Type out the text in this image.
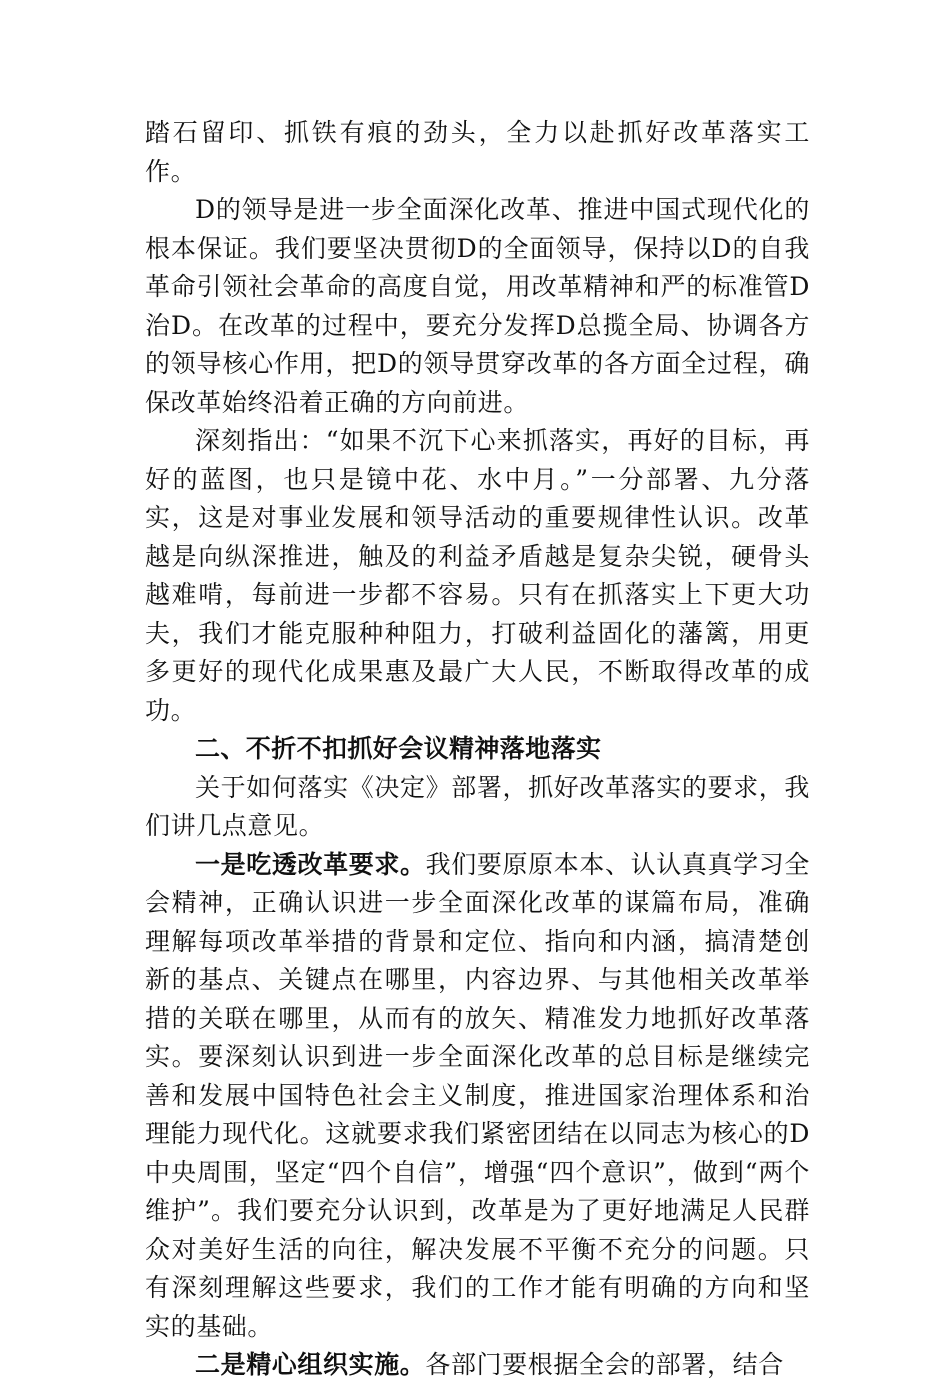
踏石留印、抓铁有痕的劲头，全力以赴抓好改革落实工作。

D的领导是进一步全面深化改革、推进中国式现代化的根本保证。我们要坚决贯彻D的全面领导，保持以D的自我革命引领社会革命的高度自觉，用改革精神和严的标准管D治D。在改革的过程中，要充分发挥D总揽全局、协调各方的领导核心作用，把D的领导贯穿改革的各方面全过程，确保改革始终沿着正确的方向前进。

深刻指出：“如果不沉下心来抓落实，再好的目标，再好的蓝图，也只是镜中花、水中月。”一分部署、九分落实，这是对事业发展和领导活动的重要规律性认识。改革越是向纵深推进，触及的利益矛盾越是复杂尖锐，硬骨头越难啃，每前进一步都不容易。只有在抓落实上下更大功夫，我们才能克服种种阻力，打破利益固化的藩篱，用更多更好的现代化成果惠及最广大人民，不断取得改革的成功。

二、不折不扣抓好会议精神落地落实

关于如何落实《决定》部署，抓好改革落实的要求，我们讲几点意见。

一是吃透改革要求。我们要原原本本、认认真真学习全会精神，正确认识进一步全面深化改革的谋篇布局，准确理解每项改革举措的背景和定位、指向和内涵，搞清楚创新的基点、关键点在哪里，内容边界、与其他相关改革举措的关联在哪里，从而有的放矢、精准发力地抓好改革落实。要深刻认识到进一步全面深化改革的总目标是继续完善和发展中国特色社会主义制度，推进国家治理体系和治理能力现代化。这就要求我们紧密团结在以同志为核心的D中央周围，坚定“四个自信”，增强“四个意识”，做到“两个维护”。我们要充分认识到，改革是为了更好地满足人民群众对美好生活的向往，解决发展不平衡不充分的问题。只有深刻理解这些要求，我们的工作才能有明确的方向和坚实的基础。

二是精心组织实施。各部门要根据全会的部署，结合
